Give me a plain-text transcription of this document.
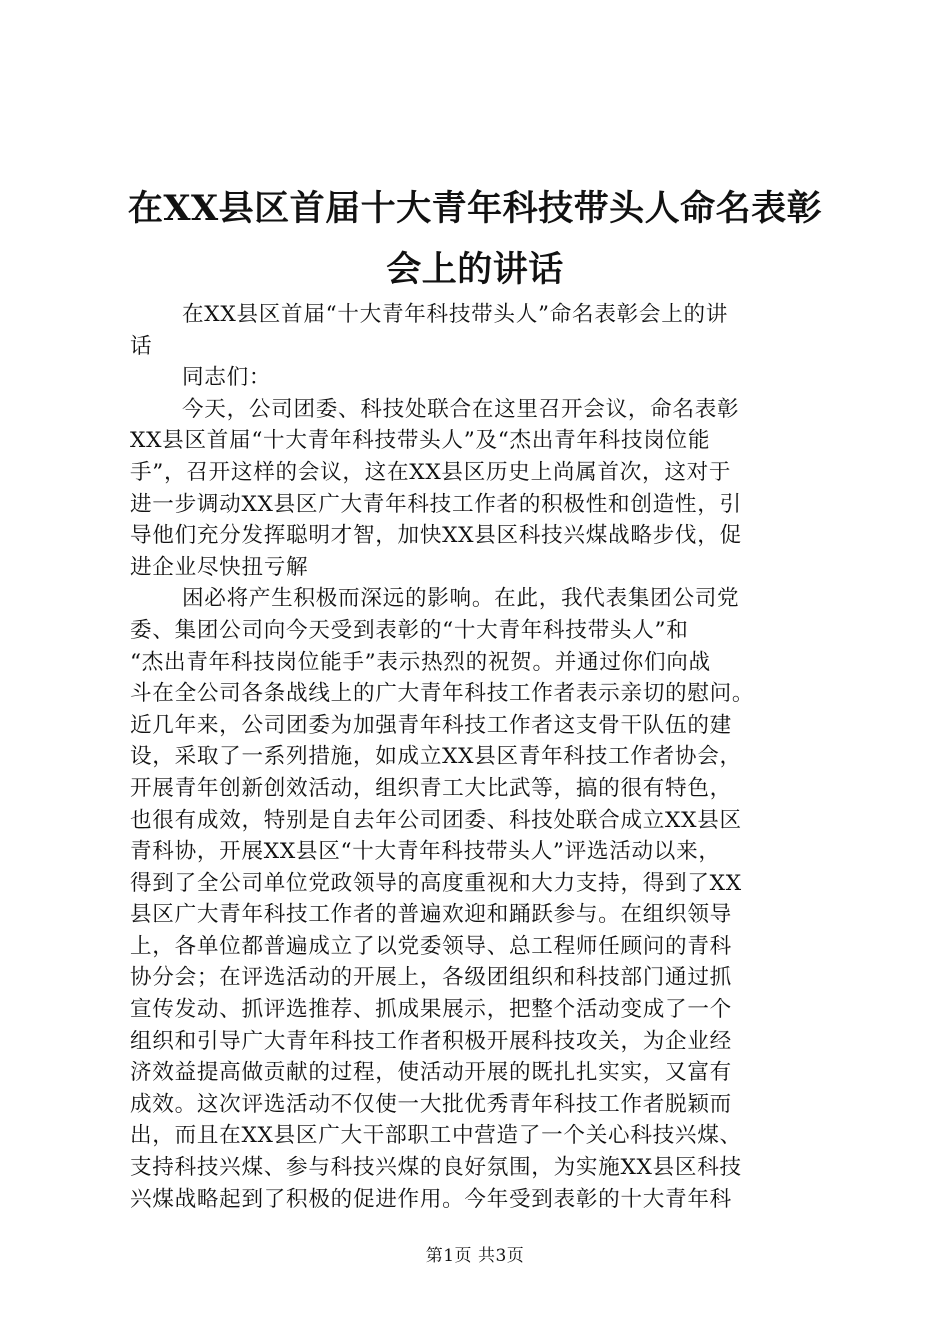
在XX县区首届十大青年科技带头人命名表彰
会上的讲话
在XX县区首届“十大青年科技带头人”命名表彰会上的讲
话
同志们：
今天，公司团委、科技处联合在这里召开会议，命名表彰
XX县区首届“十大青年科技带头人”及“杰出青年科技岗位能
手”，召开这样的会议，这在XX县区历史上尚属首次，这对于
进一步调动XX县区广大青年科技工作者的积极性和创造性，引
导他们充分发挥聪明才智，加快XX县区科技兴煤战略步伐，促
进企业尽快扭亏解
困必将产生积极而深远的影响。在此，我代表集团公司党
委、集团公司向今天受到表彰的“十大青年科技带头人”和
“杰出青年科技岗位能手”表示热烈的祝贺。并通过你们向战
斗在全公司各条战线上的广大青年科技工作者表示亲切的慰问。
近几年来，公司团委为加强青年科技工作者这支骨干队伍的建
设，采取了一系列措施，如成立XX县区青年科技工作者协会，
开展青年创新创效活动，组织青工大比武等，搞的很有特色，
也很有成效，特别是自去年公司团委、科技处联合成立XX县区
青科协，开展XX县区“十大青年科技带头人”评选活动以来，
得到了全公司单位党政领导的高度重视和大力支持，得到了XX
县区广大青年科技工作者的普遍欢迎和踊跃参与。在组织领导
上，各单位都普遍成立了以党委领导、总工程师任顾问的青科
协分会；在评选活动的开展上，各级团组织和科技部门通过抓
宣传发动、抓评选推荐、抓成果展示，把整个活动变成了一个
组织和引导广大青年科技工作者积极开展科技攻关，为企业经
济效益提高做贡献的过程，使活动开展的既扎扎实实，又富有
成效。这次评选活动不仅使一大批优秀青年科技工作者脱颖而
出，而且在XX县区广大干部职工中营造了一个关心科技兴煤、
支持科技兴煤、参与科技兴煤的良好氛围，为实施XX县区科技
兴煤战略起到了积极的促进作用。今年受到表彰的十大青年科
第1页 共3页
